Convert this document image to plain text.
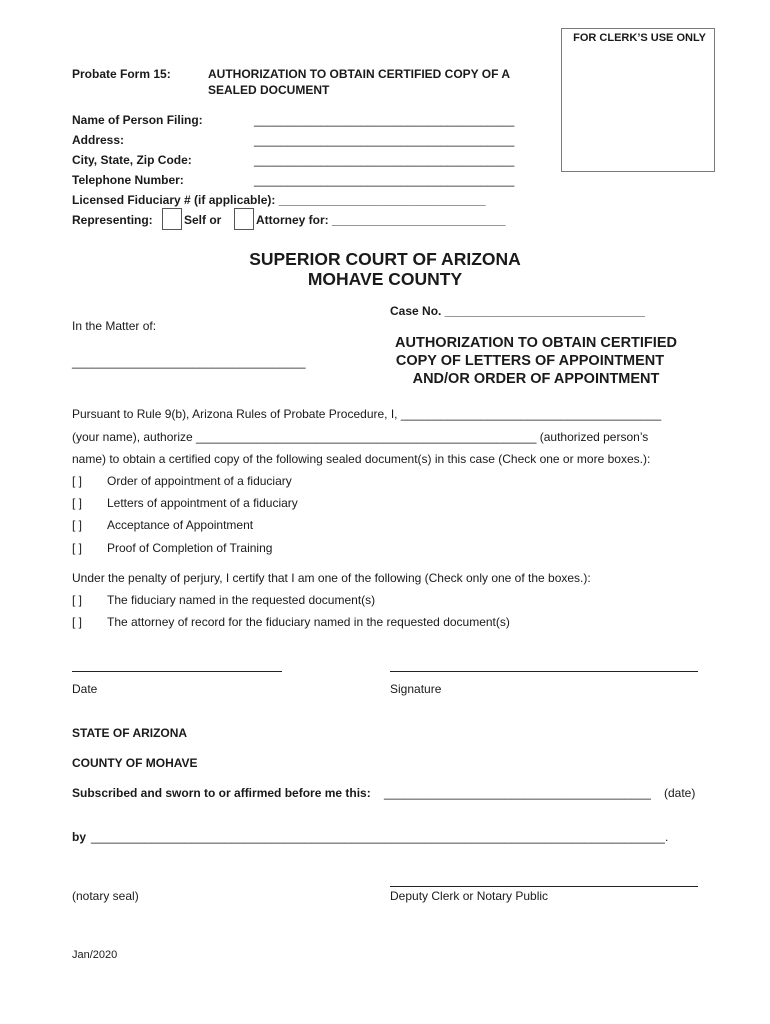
FOR CLERK’S USE ONLY
Probate Form 15:	AUTHORIZATION TO OBTAIN CERTIFIED COPY OF A
SEALED DOCUMENT
Name of Person Filing:	_______________________________________
Address:	_______________________________________
City, State, Zip Code:	_______________________________________
Telephone Number:	_______________________________________
Licensed Fiduciary # (if applicable): _______________________________
Representing:	Self or	Attorney for: __________________________
SUPERIOR COURT OF ARIZONA
MOHAVE COUNTY
Case No. ______________________________
In the Matter of:
___________________________________
AUTHORIZATION TO OBTAIN CERTIFIED
COPY OF LETTERS OF APPOINTMENT
AND/OR ORDER OF APPOINTMENT
Pursuant to Rule 9(b), Arizona Rules of Probate Procedure, I, _______________________________________
(your name), authorize ___________________________________________________ (authorized person’s
name) to obtain a certified copy of the following sealed document(s) in this case (Check one or more boxes.):
[ ] Order of appointment of a fiduciary
[ ] Letters of appointment of a fiduciary
[ ] Acceptance of Appointment
[ ] Proof of Completion of Training
Under the penalty of perjury, I certify that I am one of the following (Check only one of the boxes.):
[ ] The fiduciary named in the requested document(s)
[ ] The attorney of record for the fiduciary named in the requested document(s)
Date	Signature
STATE OF ARIZONA
COUNTY OF MOHAVE
Subscribed and sworn to or affirmed before me this: ________________________________________ (date)
by ______________________________________________________________________________________.
(notary seal)	Deputy Clerk or Notary Public
Jan/2020
